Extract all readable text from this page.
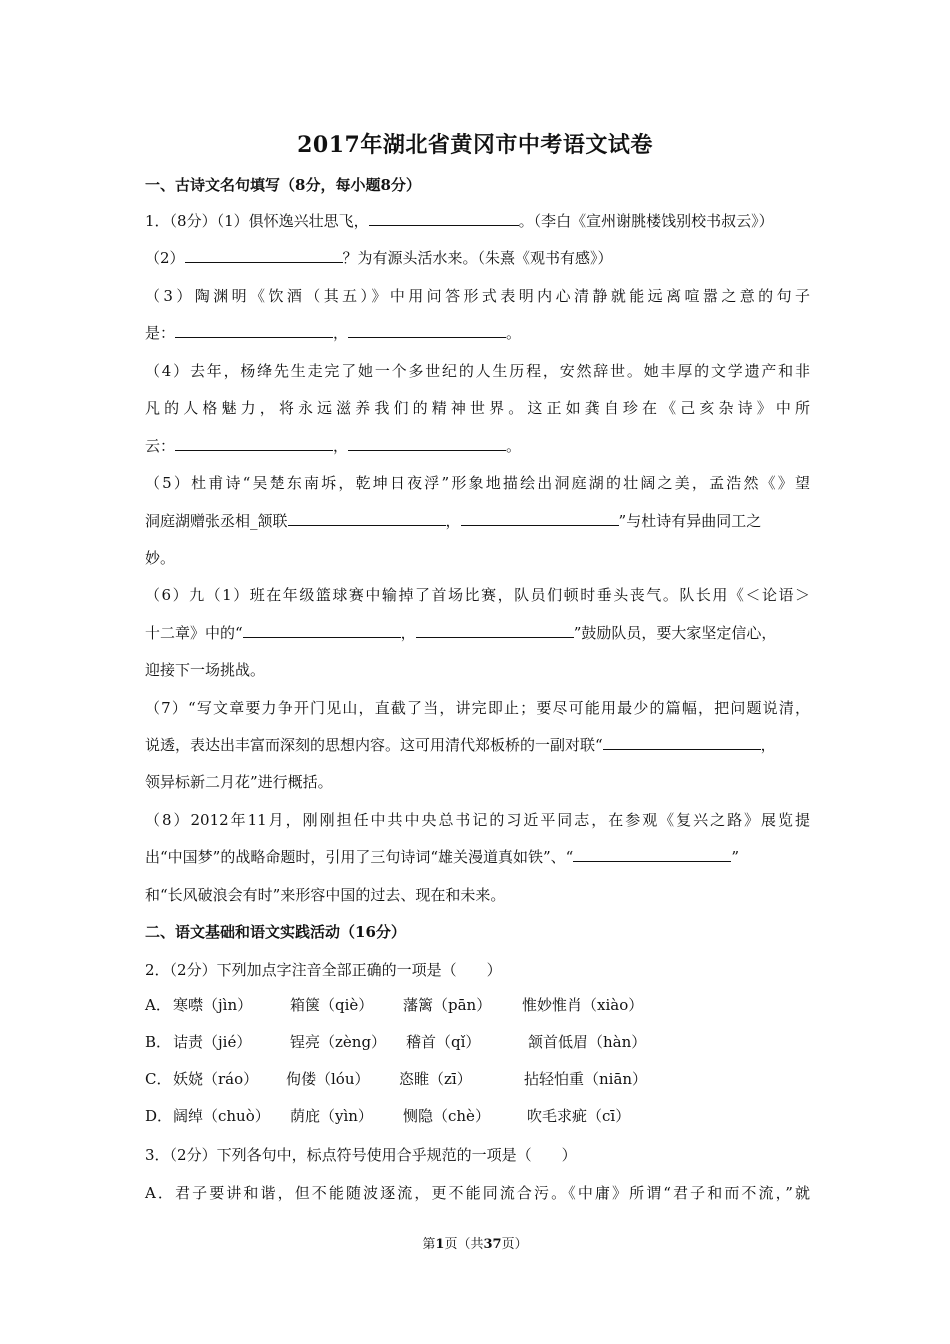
2017年湖北省黄冈市中考语文试卷
一、古诗文名句填写（8分，每小题8分）
1．（8分）（1）俱怀逸兴壮思飞，	。（李白《宣州谢朓楼饯别校书叔云》）
（2）	？为有源头活水来。（朱熹《观书有感》）
（3）陶渊明《饮酒（其五）》中用问答形式表明内心清静就能远离喧嚣之意的句子
是：	，	。
（4）去年，杨绛先生走完了她一个多世纪的人生历程，安然辞世。她丰厚的文学遗产和非
凡的人格魅力，将永远滋养我们的精神世界。这正如龚自珍在《己亥杂诗》中所
云：	，	。
（5）杜甫诗“吴楚东南坼，乾坤日夜浮”形象地描绘出洞庭湖的壮阔之美，孟浩然《》望
洞庭湖赠张丞相_颔联	，	”与杜诗有异曲同工之
妙。
（6）九（1）班在年级篮球赛中输掉了首场比赛，队员们顿时垂头丧气。队长用《＜论语＞
十二章》中的“	，	”鼓励队员，要大家坚定信心，
迎接下一场挑战。
（7）“写文章要力争开门见山，直截了当，讲完即止；要尽可能用最少的篇幅，把问题说清，
说透，表达出丰富而深刻的思想内容。这可用清代郑板桥的一副对联“	，
领异标新二月花”进行概括。
（8）2012年11月，刚刚担任中共中央总书记的习近平同志，在参观《复兴之路》展览提
出“中国梦”的战略命题时，引用了三句诗词“雄关漫道真如铁”、“	”
和“长风破浪会有时”来形容中国的过去、现在和未来。
二、语文基础和语文实践活动（16分）
2．（2分）下列加点字注音全部正确的一项是（　　）
A． 寒噤（jìn）	箱箧（qiè） 藩篱（pān） 惟妙惟肖（xiào）
B． 诘责（jié）	锃亮（zèng） 稽首（qǐ）	颔首低眉（hàn）
C． 妖娆（ráo） 佝偻（lóu） 恣睢（zī）	拈轻怕重（niān）
D． 阔绰（chuò） 荫庇（yìn） 恻隐（chè） 吹毛求疵（cī）
3．（2分）下列各句中，标点符号使用合乎规范的一项是（　　）
A．君子要讲和谐，但不能随波逐流，更不能同流合污。《中庸》所谓“君子和而不流，”就
第1页（共37页）
